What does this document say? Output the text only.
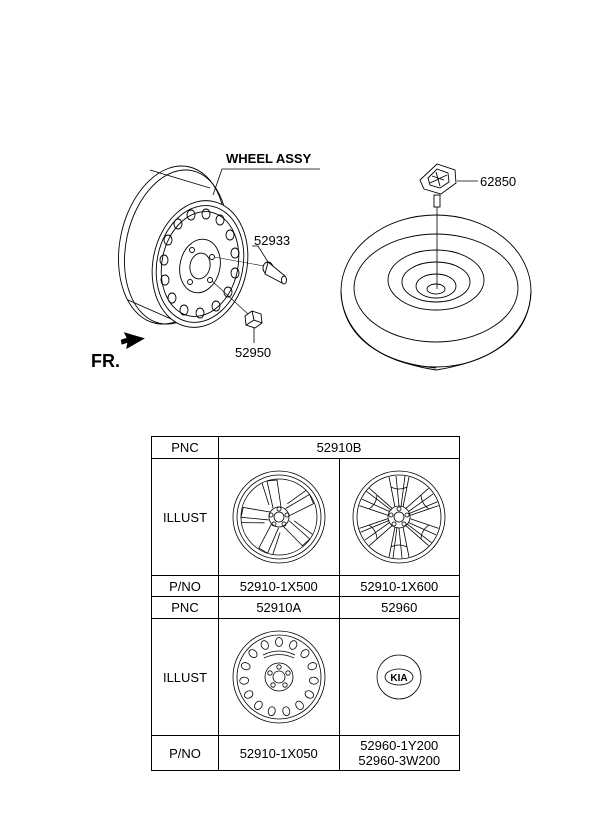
WHEEL ASSY
52933
52950
FR.
62850
PNC	52910B	
ILLUST	

P/NO	52910-1X500	52910-1X600
PNC	52910A	52960
ILLUST		KIA

P/NO	52910-1X050	52960-1Y200
52960-3W200
